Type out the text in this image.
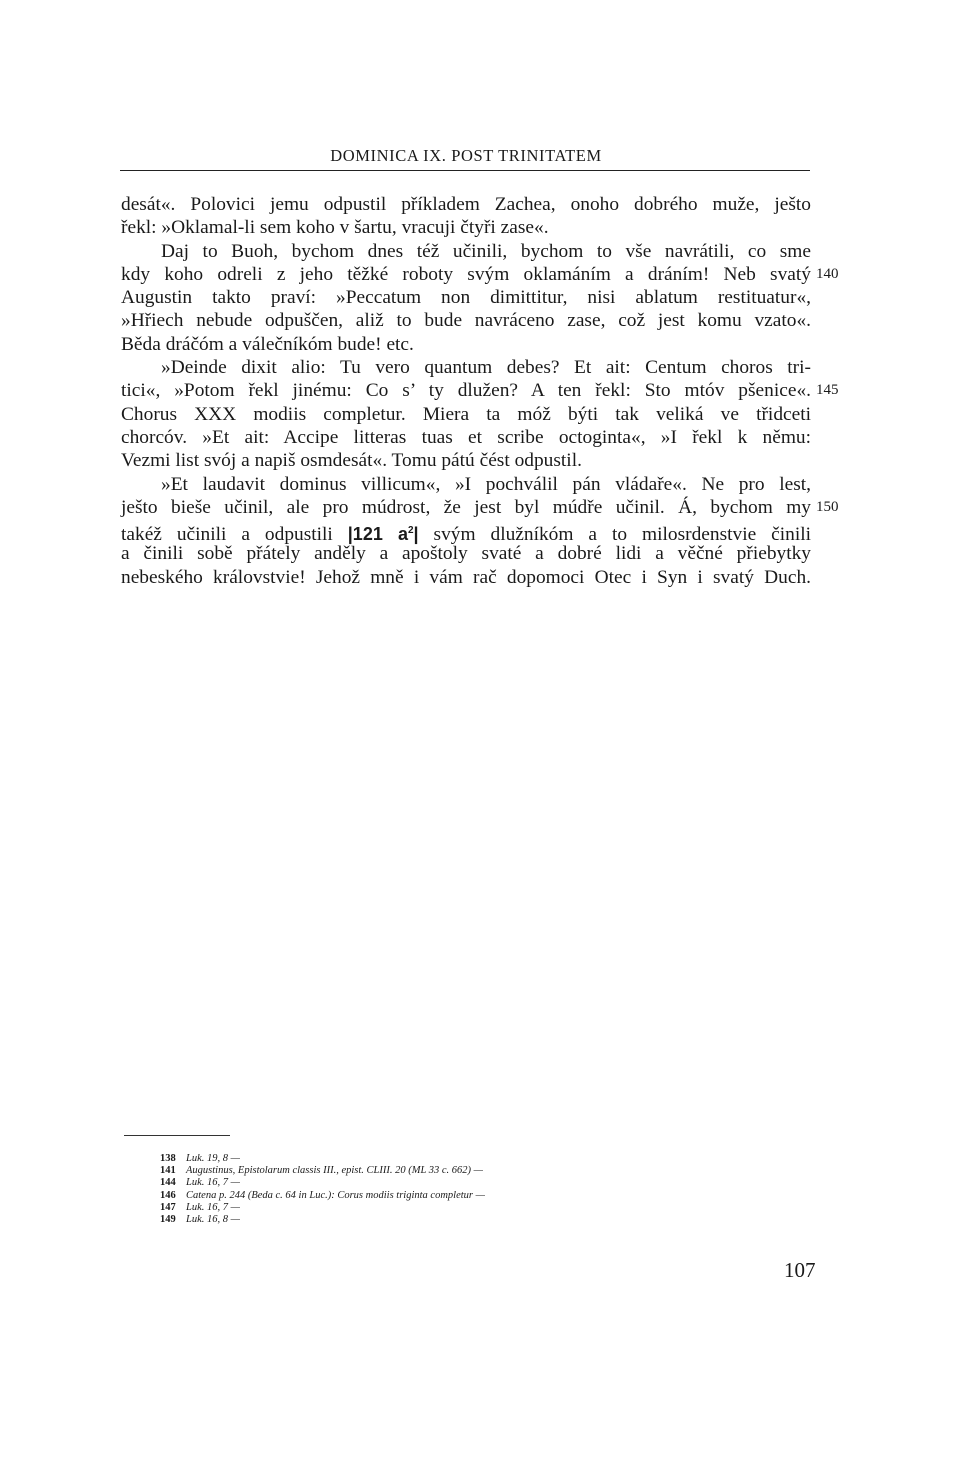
DOMINICA IX. POST TRINITATEM
desát«. Polovici jemu odpustil příkladem Zachea, onoho dobrého muže, ješto
řekl: »Oklamal-li sem koho v šartu, vracuji čtyři zase«.
Daj to Buoh, bychom dnes též učinili, bychom to vše navrátili, co sme
kdy koho odreli z jeho těžké roboty svým oklamáním a dráním! Neb svatý
Augustin takto praví: »Peccatum non dimittitur, nisi ablatum restituatur«,
»Hřiech nebude odpuščen, aliž to bude navráceno zase, což jest komu vzato«.
Běda dráčóm a válečníkóm bude! etc.
»Deinde dixit alio: Tu vero quantum debes? Et ait: Centum choros tri-
tici«, »Potom řekl jinému: Co s’ ty dlužen? A ten řekl: Sto mtóv pšenice«.
Chorus XXX modiis completur. Miera ta móž býti tak veliká ve třidceti
chorcóv. »Et ait: Accipe litteras tuas et scribe octoginta«, »I řekl k němu:
Vezmi list svój a napiš osmdesát«. Tomu pátú čést odpustil.
»Et laudavit dominus villicum«, »I pochválil pán vládaře«. Ne pro lest,
ješto bieše učinil, ale pro múdrost, že jest byl múdře učinil. Á, bychom my
takéž učinili a odpustili |121 $a^2|$ svým dlužníkóm a to milosrdenstvie činili
a činili sobě přátely anděly a apoštoly svaté a dobré lidi a věčné přiebytky
nebeského královstvie! Jehož mně i vám rač dopomoci Otec i Syn i svatý Duch.
140
145
150
138 Luk. 19, 8 —
141 Augustinus, Epistolarum classis III., epist. CLIII. 20 (ML 33 c. 662) —
144 Luk. 16, 7 —
146 Catena p. 244 (Beda c. 64 in Luc.): Corus modiis triginta completur —
147 Luk. 16, 7 —
149 Luk. 16, 8 —
107
